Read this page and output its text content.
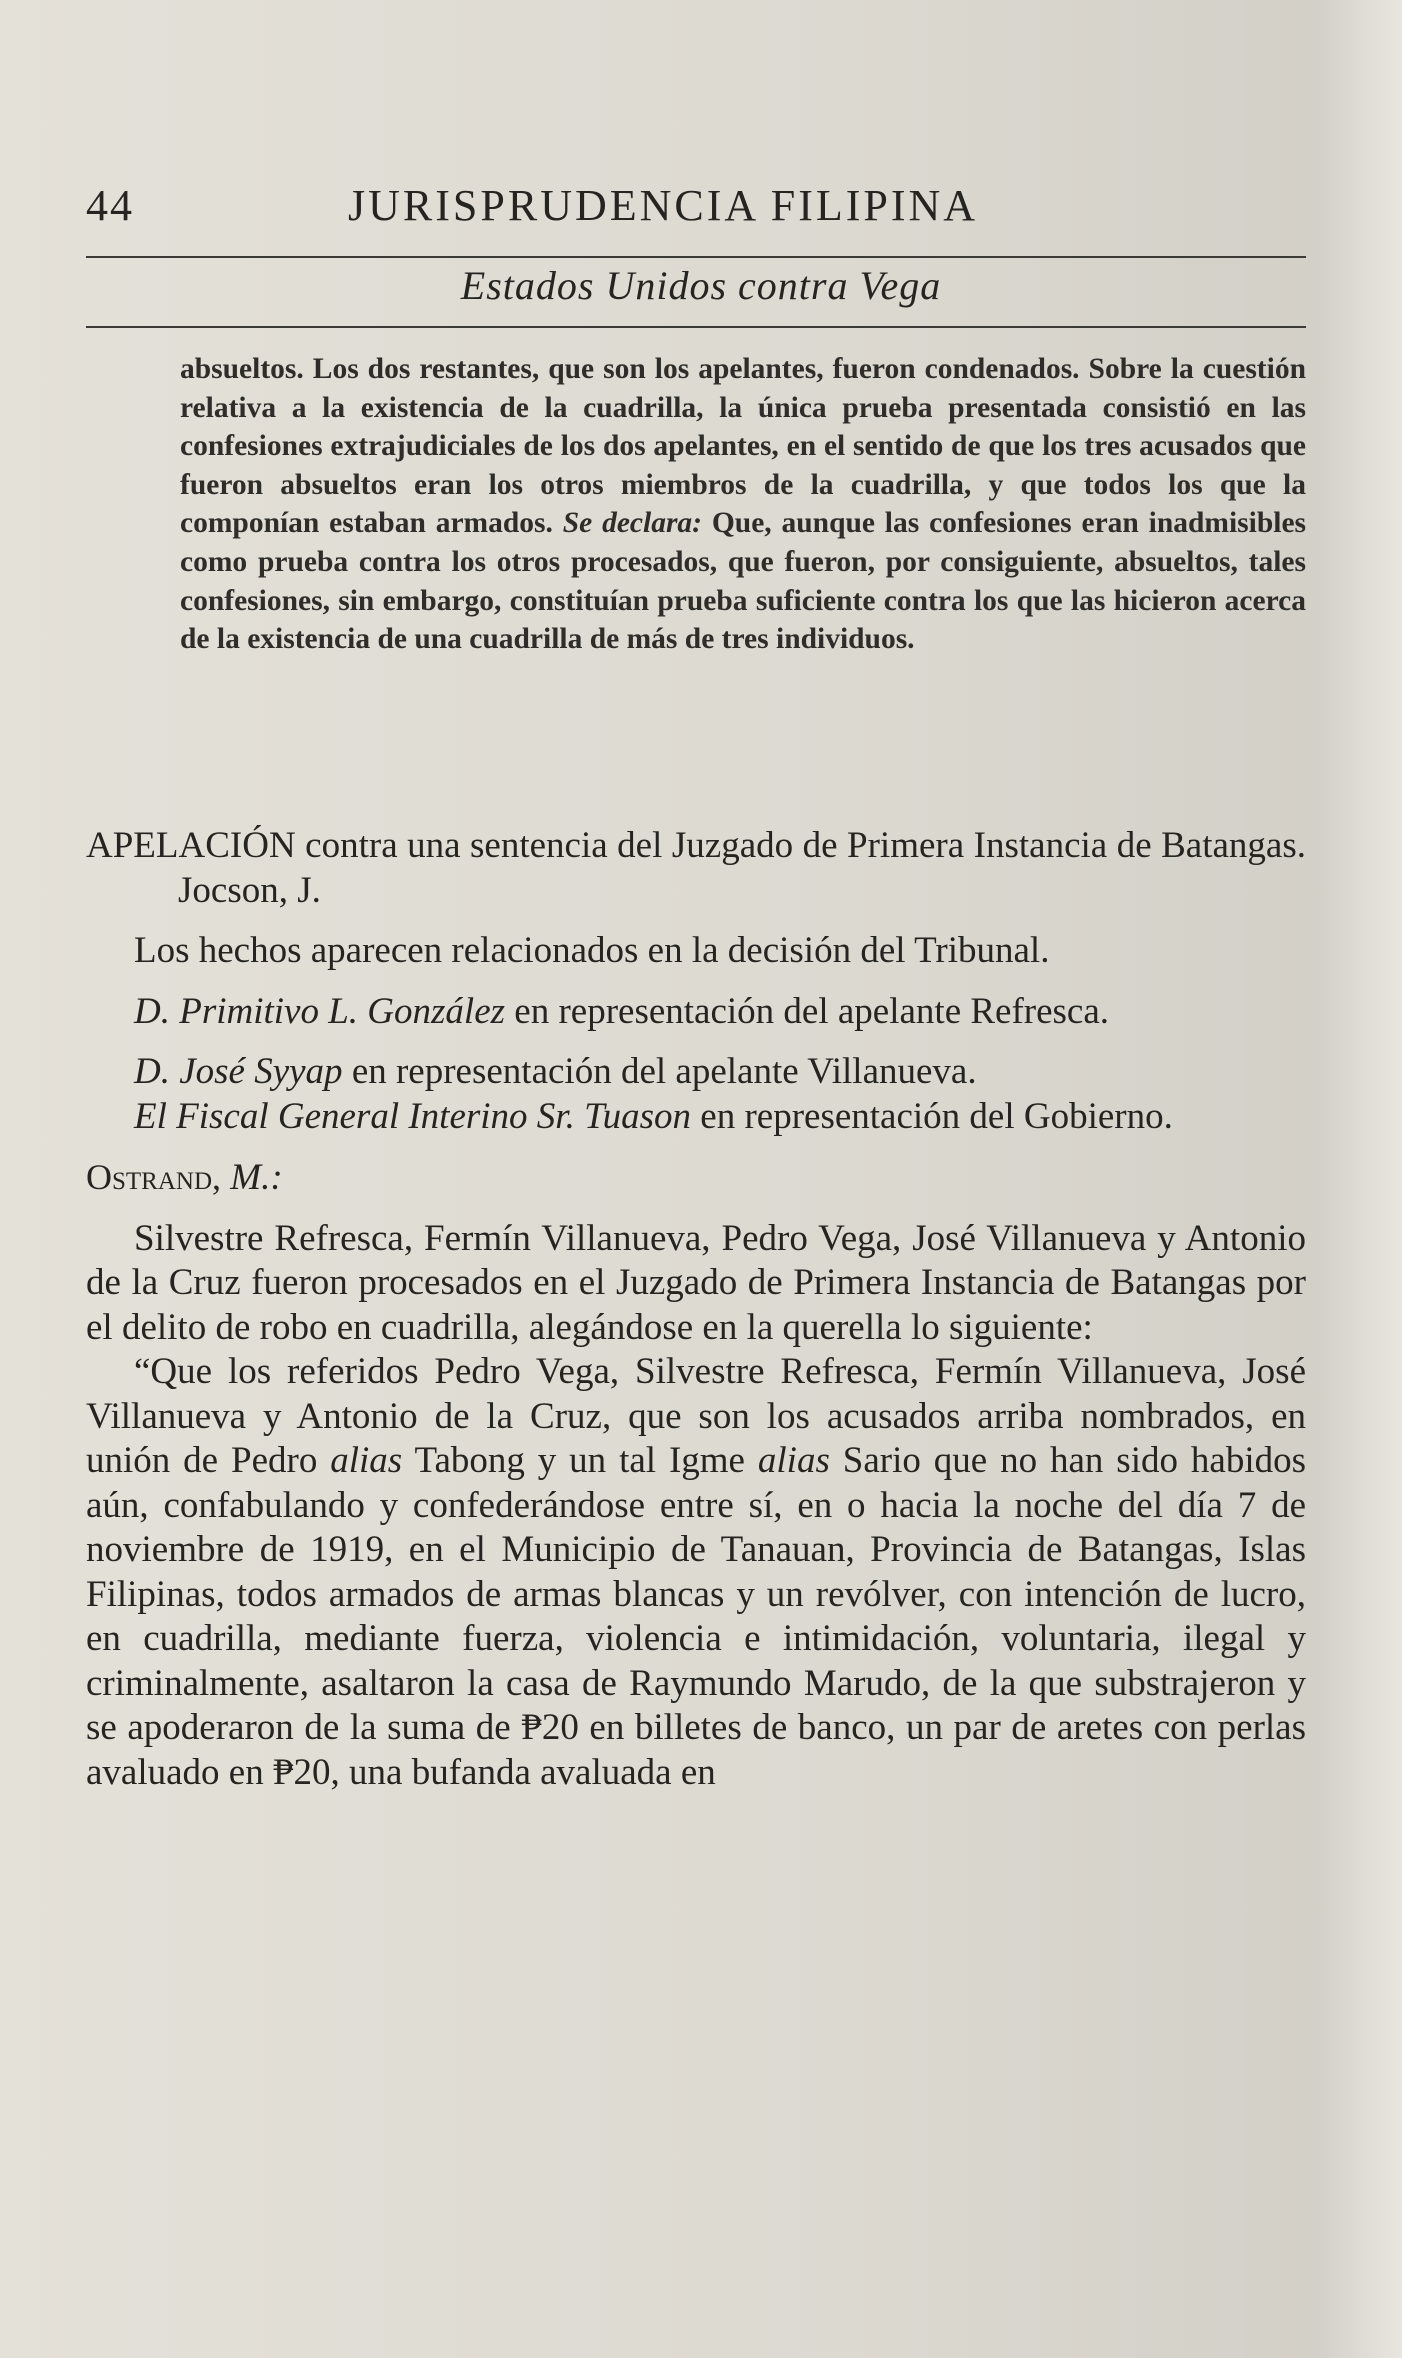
44	JURISPRUDENCIA FILIPINA
Estados Unidos contra Vega
absueltos. Los dos restantes, que son los apelantes, fueron condenados. Sobre la cuestión relativa a la existencia de la cuadrilla, la única prueba presentada consistió en las confesiones extrajudiciales de los dos apelantes, en el sentido de que los tres acusados que fueron absueltos eran los otros miembros de la cuadrilla, y que todos los que la componían estaban armados. Se declara: Que, aunque las confesiones eran inadmisibles como prueba contra los otros procesados, que fueron, por consiguiente, absueltos, tales confesiones, sin embargo, constituían prueba suficiente contra los que las hicieron acerca de la existencia de una cuadrilla de más de tres individuos.

APELACIÓN contra una sentencia del Juzgado de Primera Instancia de Batangas. Jocson, J.

Los hechos aparecen relacionados en la decisión del Tribunal.

D. Primitivo L. González en representación del apelante Refresca.

D. José Syyap en representación del apelante Villanueva.

El Fiscal General Interino Sr. Tuason en representación del Gobierno.

Ostrand, M.:

Silvestre Refresca, Fermín Villanueva, Pedro Vega, José Villanueva y Antonio de la Cruz fueron procesados en el Juzgado de Primera Instancia de Batangas por el delito de robo en cuadrilla, alegándose en la querella lo siguiente:

“Que los referidos Pedro Vega, Silvestre Refresca, Fermín Villanueva, José Villanueva y Antonio de la Cruz, que son los acusados arriba nombrados, en unión de Pedro alias Tabong y un tal Igme alias Sario que no han sido habidos aún, confabulando y confederándose entre sí, en o hacia la noche del día 7 de noviembre de 1919, en el Municipio de Tanauan, Provincia de Batangas, Islas Filipinas, todos armados de armas blancas y un revólver, con intención de lucro, en cuadrilla, mediante fuerza, violencia e intimidación, voluntaria, ilegal y criminalmente, asaltaron la casa de Raymundo Marudo, de la que substrajeron y se apoderaron de la suma de ₱20 en billetes de banco, un par de aretes con perlas avaluado en ₱20, una bufanda avaluada en
